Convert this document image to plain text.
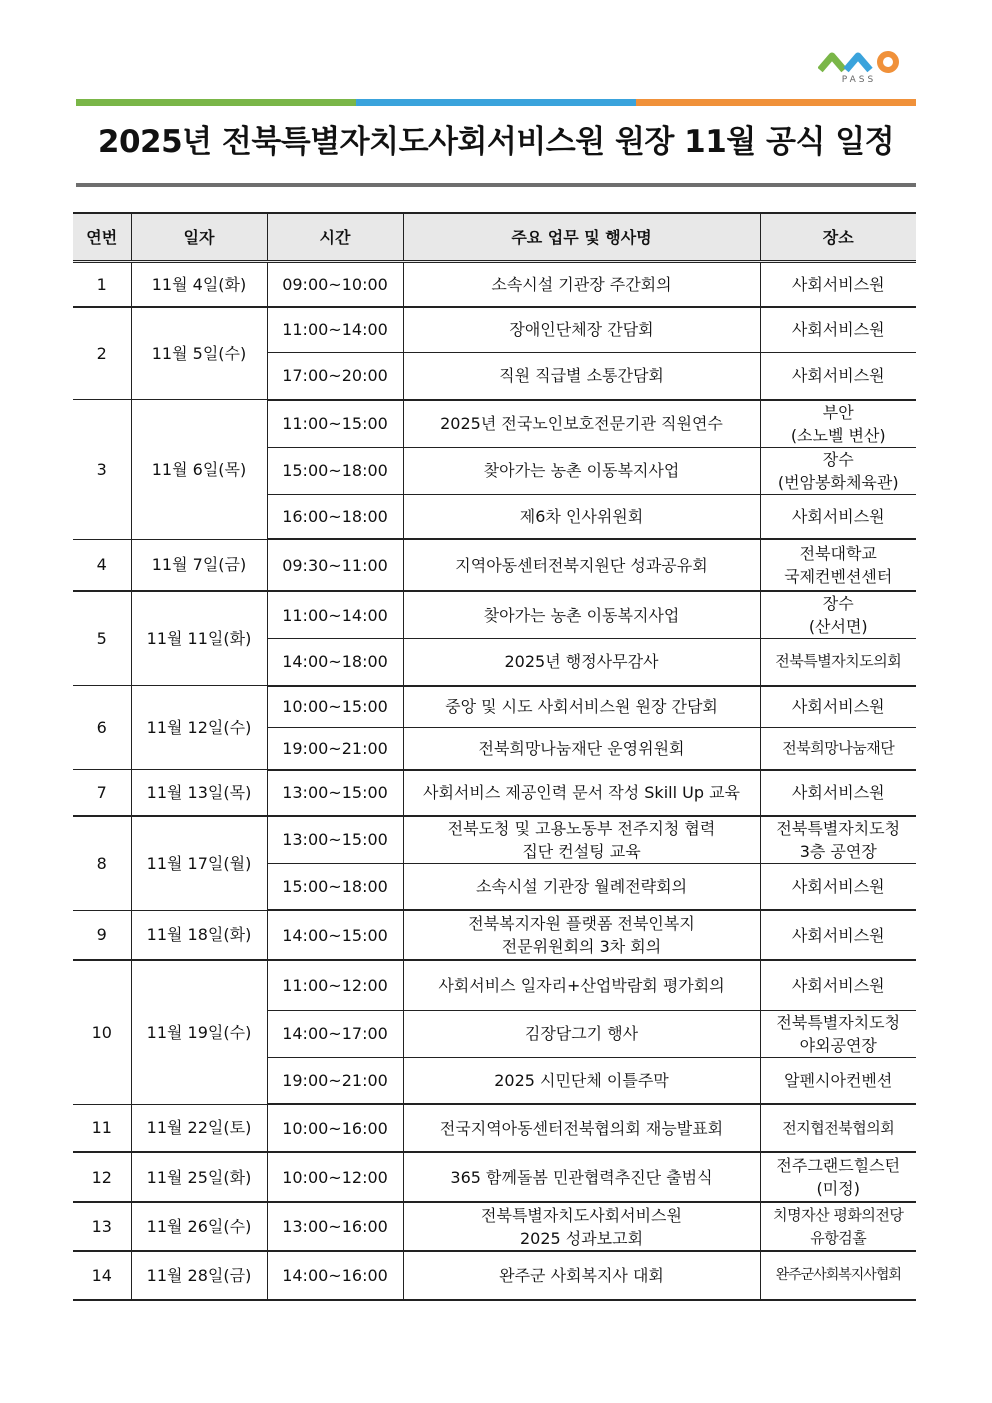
PASS
2025년 전북특별자치도사회서비스원 원장 11월 공식 일정
연번	일자	시간	주요 업무 및 행사명	장소
1	11월 4일(화)	09:00~10:00	소속시설 기관장 주간회의	사회서비스원
2	11월 5일(수)	11:00~14:00	장애인단체장 간담회	사회서비스원
		17:00~20:00	직원 직급별 소통간담회	사회서비스원
3	11월 6일(목)	11:00~15:00	2025년 전국노인보호전문기관 직원연수	부안
(소노벨 변산)
		15:00~18:00	찾아가는 농촌 이동복지사업	장수
(번암봉화체육관)
		16:00~18:00	제6차 인사위원회	사회서비스원
4	11월 7일(금)	09:30~11:00	지역아동센터전북지원단 성과공유회	전북대학교
국제컨벤션센터
5	11월 11일(화)	11:00~14:00	찾아가는 농촌 이동복지사업	장수
(산서면)
		14:00~18:00	2025년 행정사무감사	전북특별자치도의회
6	11월 12일(수)	10:00~15:00	중앙 및 시도 사회서비스원 원장 간담회	사회서비스원
		19:00~21:00	전북희망나눔재단 운영위원회	전북희망나눔재단
7	11월 13일(목)	13:00~15:00	사회서비스 제공인력 문서 작성 Skill Up 교육	사회서비스원
8	11월 17일(월)	13:00~15:00	전북도청 및 고용노동부 전주지청 협력
집단 컨설팅 교육	전북특별자치도청
3층 공연장
		15:00~18:00	소속시설 기관장 월례전략회의	사회서비스원
9	11월 18일(화)	14:00~15:00	전북복지자원 플랫폼 전북인복지
전문위원회의 3차 회의	사회서비스원
10	11월 19일(수)	11:00~12:00	사회서비스 일자리+산업박람회 평가회의	사회서비스원
		14:00~17:00	김장담그기 행사	전북특별자치도청
야외공연장
		19:00~21:00	2025 시민단체 이틀주막	알펜시아컨벤션
11	11월 22일(토)	10:00~16:00	전국지역아동센터전북협의회 재능발표회	전지협전북협의회
12	11월 25일(화)	10:00~12:00	365 함께돌봄 민관협력추진단 출범식	전주그랜드힐스턴
(미정)
13	11월 26일(수)	13:00~16:00	전북특별자치도사회서비스원
2025 성과보고회	치명자산 평화의전당
유항검홀
14	11월 28일(금)	14:00~16:00	완주군 사회복지사 대회	완주군사회복지사협회
